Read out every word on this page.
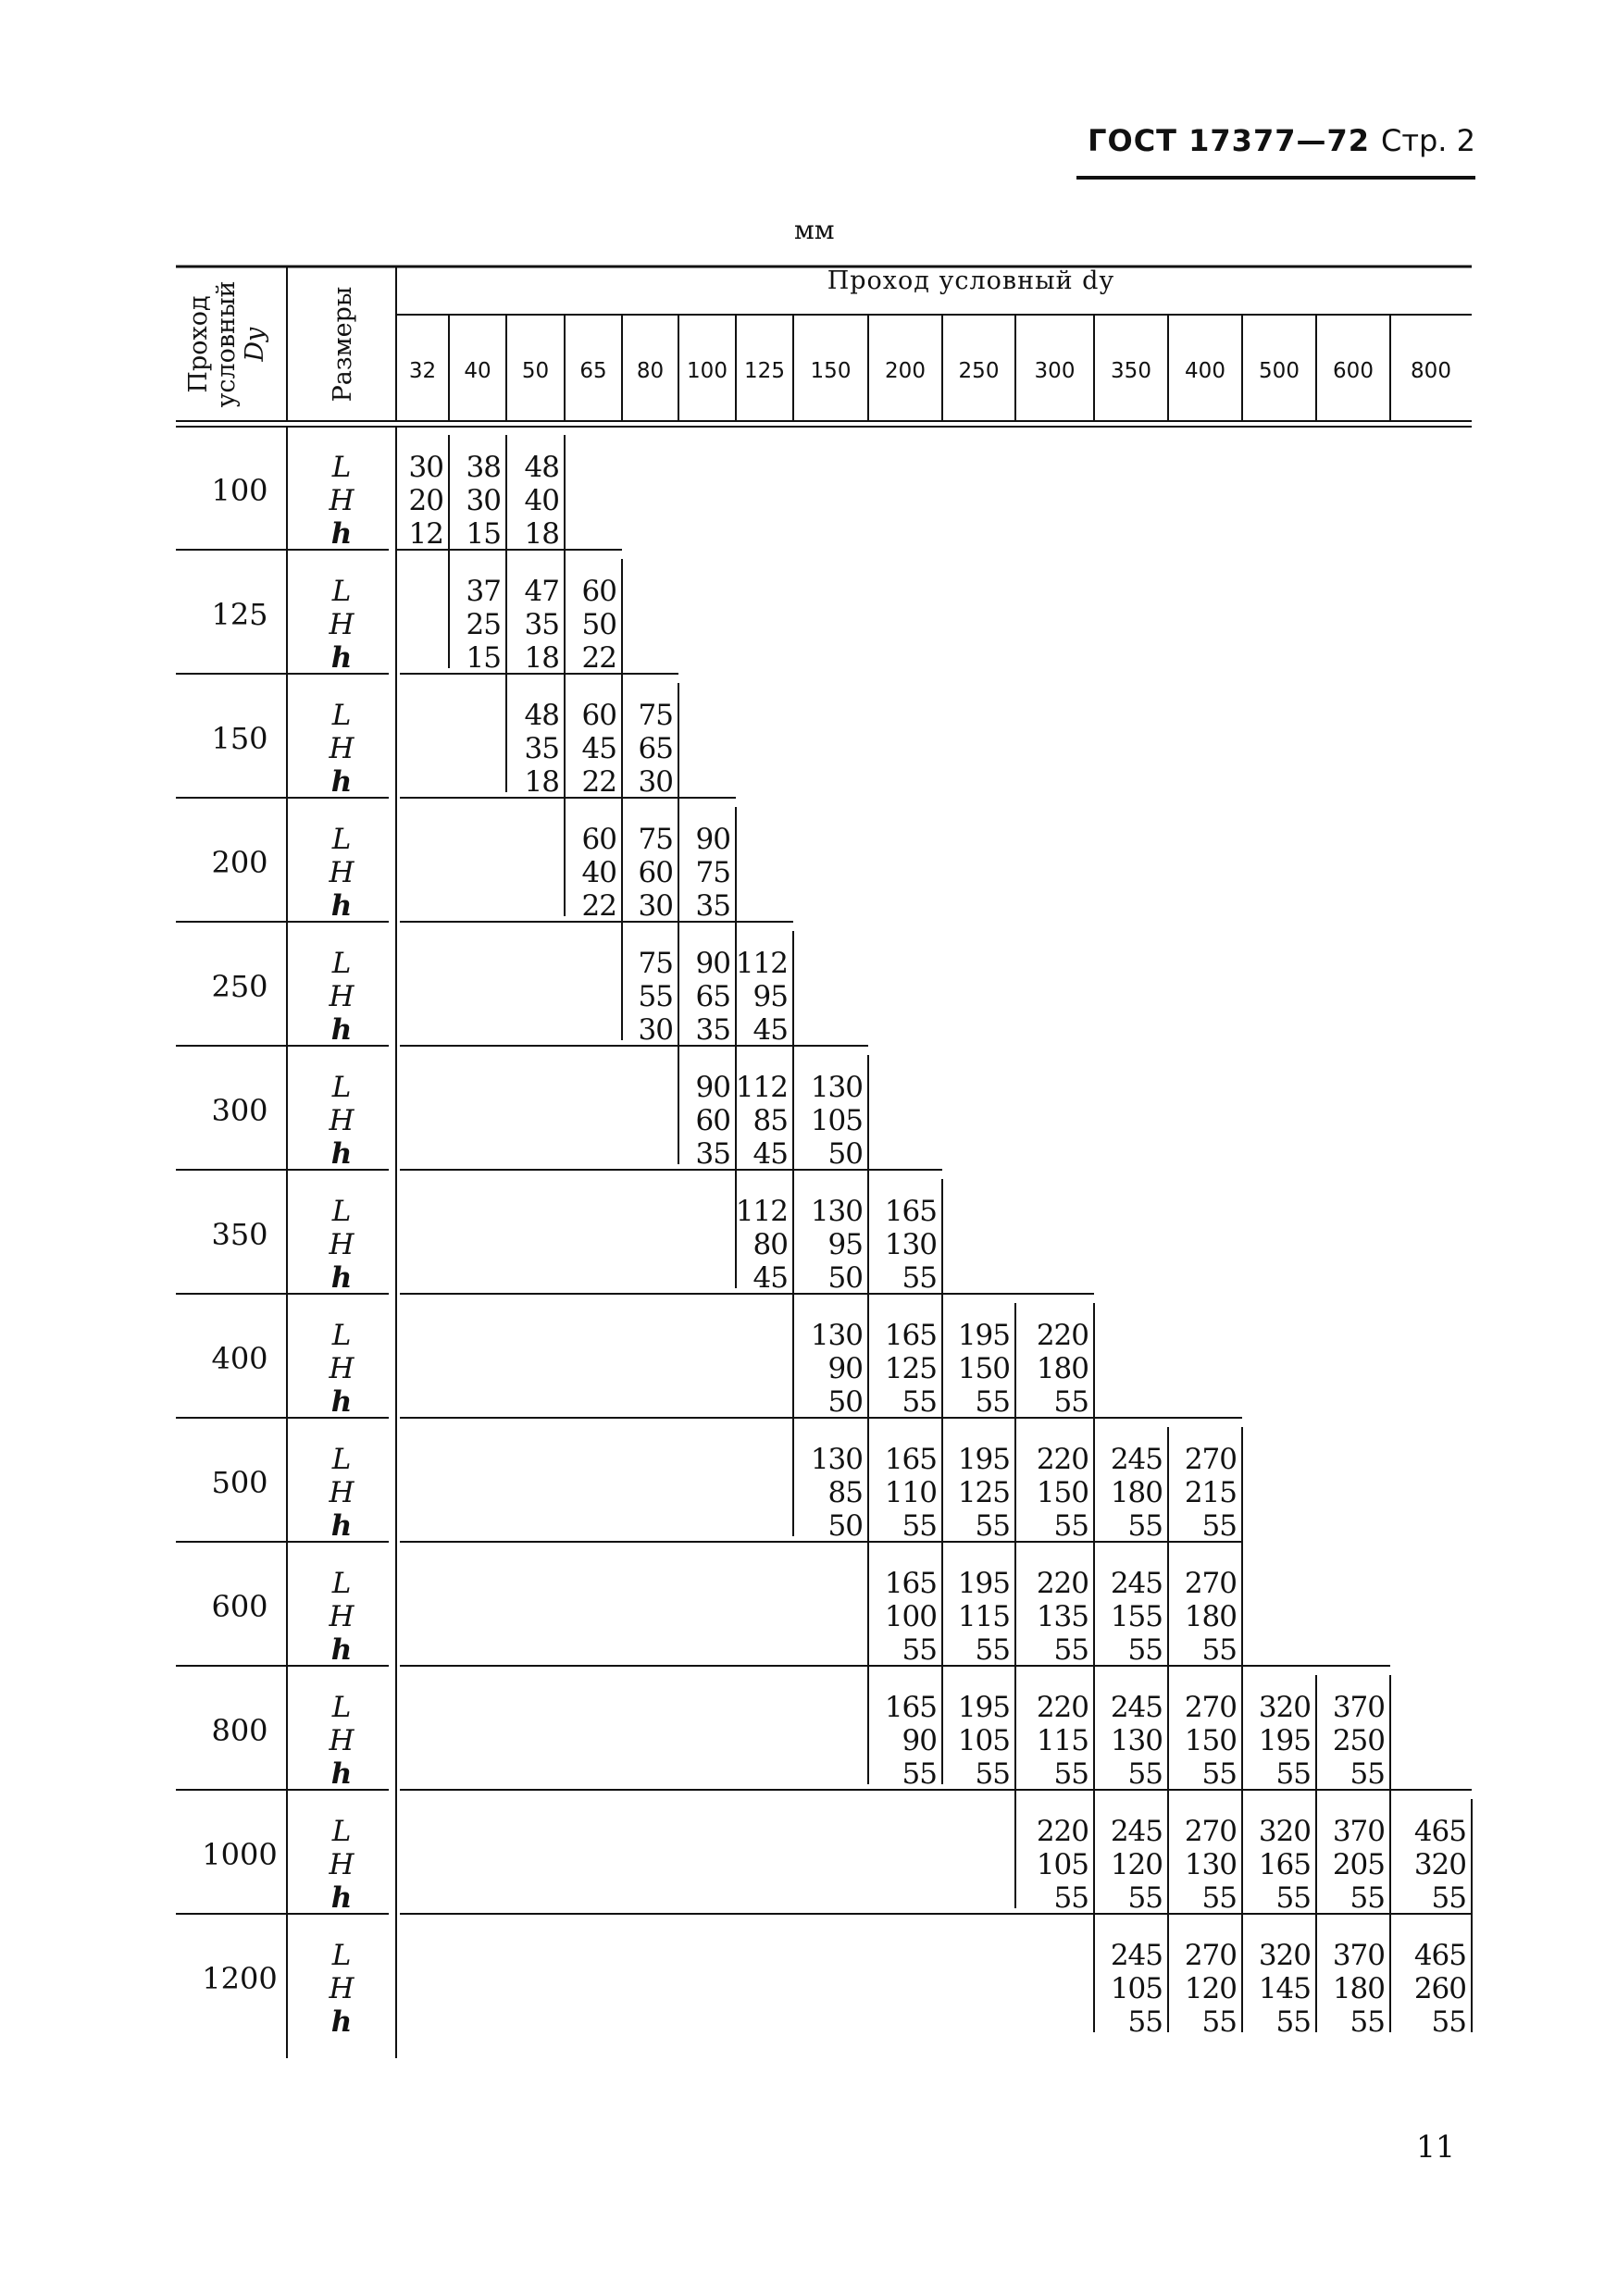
ГОСТ 17377—72 Стр. 2
мм
Проход условный Dу Размеры
Проход условный dу
32 40 50 65 80 100 125 150 200 250 300 350 400 500 600 800
100
L
H
h
30
20
12
38
30
15
48
40
18
125
L
H
h
37
25
15
47
35
18
60
50
22
150
L
H
h
48
35
18
60
45
22
75
65
30
200
L
H
h
60
40
22
75
60
30
90
75
35
250
L
H
h
75
55
30
90
65
35
112
95
45
300
L
H
h
90
60
35
112
85
45
130
105
50
350
L
H
h
112
80
45
130
95
50
165
130
55
400
L
H
h
130
90
50
165
125
55
195
150
55
220
180
55
500
L
H
h
130
85
50
165
110
55
195
125
55
220
150
55
245
180
55
270
215
55
600
L
H
h
165
100
55
195
115
55
220
135
55
245
155
55
270
180
55
800
L
H
h
165
90
55
195
105
55
220
115
55
245
130
55
270
150
55
320
195
55
370
250
55
1000
L
H
h
220
105
55
245
120
55
270
130
55
320
165
55
370
205
55
465
320
55
1200
L
H
h
245
105
55
270
120
55
320
145
55
370
180
55
465
260
55
11
